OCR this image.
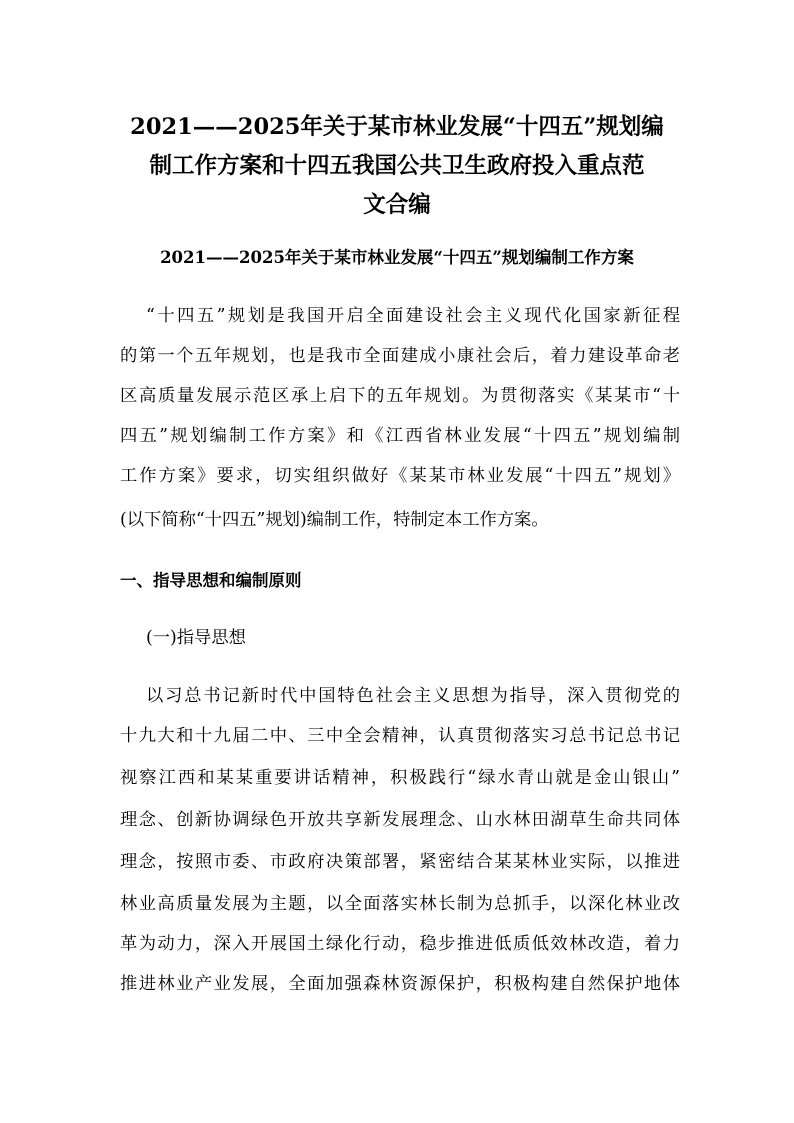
2021——2025年关于某市林业发展“十四五”规划编
制工作方案和十四五我国公共卫生政府投入重点范
文合编
2021——2025年关于某市林业发展“十四五”规划编制工作方案
“十四五”规划是我国开启全面建设社会主义现代化国家新征程
的第一个五年规划，也是我市全面建成小康社会后，着力建设革命老
区高质量发展示范区承上启下的五年规划。为贯彻落实《某某市“十
四五”规划编制工作方案》和《江西省林业发展“十四五”规划编制
工作方案》要求，切实组织做好《某某市林业发展“十四五”规划》
(以下简称“十四五”规划)编制工作，特制定本工作方案。
一、指导思想和编制原则
(一)指导思想
以习总书记新时代中国特色社会主义思想为指导，深入贯彻党的
十九大和十九届二中、三中全会精神，认真贯彻落实习总书记总书记
视察江西和某某重要讲话精神，积极践行“绿水青山就是金山银山”
理念、创新协调绿色开放共享新发展理念、山水林田湖草生命共同体
理念，按照市委、市政府决策部署，紧密结合某某林业实际，以推进
林业高质量发展为主题，以全面落实林长制为总抓手，以深化林业改
革为动力，深入开展国土绿化行动，稳步推进低质低效林改造，着力
推进林业产业发展，全面加强森林资源保护，积极构建自然保护地体
